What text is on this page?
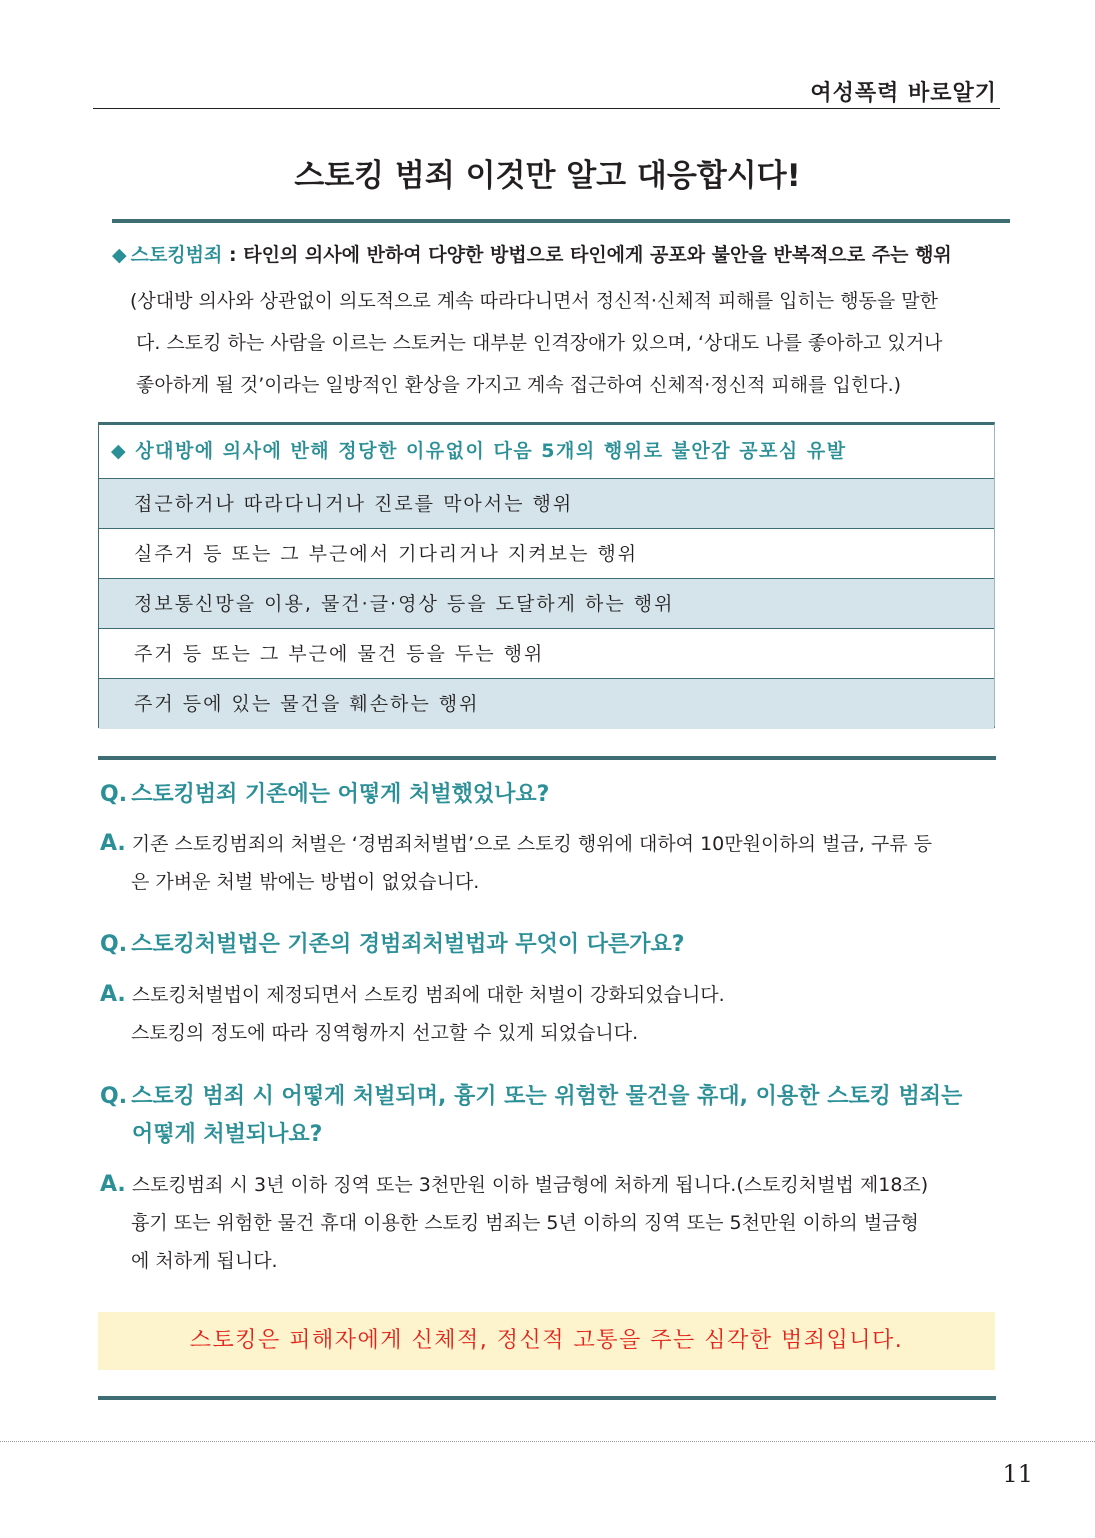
여성폭력 바로알기
스토킹 범죄 이것만 알고 대응합시다!
◆ 스토킹범죄 : 타인의 의사에 반하여 다양한 방법으로 타인에게 공포와 불안을 반복적으로 주는 행위
(상대방 의사와 상관없이 의도적으로 계속 따라다니면서 정신적·신체적 피해를 입히는 행동을 말한
다. 스토킹 하는 사람을 이르는 스토커는 대부분 인격장애가 있으며, ‘상대도 나를 좋아하고 있거나
좋아하게 될 것’이라는 일방적인 환상을 가지고 계속 접근하여 신체적·정신적 피해를 입힌다.)
◆ 상대방에 의사에 반해 정당한 이유없이 다음 5개의 행위로 불안감 공포심 유발
접근하거나 따라다니거나 진로를 막아서는 행위
실주거 등 또는 그 부근에서 기다리거나 지켜보는 행위
정보통신망을 이용, 물건·글·영상 등을 도달하게 하는 행위
주거 등 또는 그 부근에 물건 등을 두는 행위
주거 등에 있는 물건을 훼손하는 행위
Q. 스토킹범죄 기존에는 어떻게 처벌했었나요?
A. 기존 스토킹범죄의 처벌은 ‘경범죄처벌법’으로 스토킹 행위에 대하여 10만원이하의 벌금, 구류 등
은 가벼운 처벌 밖에는 방법이 없었습니다.
Q. 스토킹처벌법은 기존의 경범죄처벌법과 무엇이 다른가요?
A. 스토킹처벌법이 제정되면서 스토킹 범죄에 대한 처벌이 강화되었습니다.
스토킹의 정도에 따라 징역형까지 선고할 수 있게 되었습니다.
Q. 스토킹 범죄 시 어떻게 처벌되며, 흉기 또는 위험한 물건을 휴대, 이용한 스토킹 범죄는
어떻게 처벌되나요?
A. 스토킹범죄 시 3년 이하 징역 또는 3천만원 이하 벌금형에 처하게 됩니다.(스토킹처벌법 제18조)
흉기 또는 위험한 물건 휴대 이용한 스토킹 범죄는 5년 이하의 징역 또는 5천만원 이하의 벌금형
에 처하게 됩니다.
스토킹은 피해자에게 신체적, 정신적 고통을 주는 심각한 범죄입니다.
11
